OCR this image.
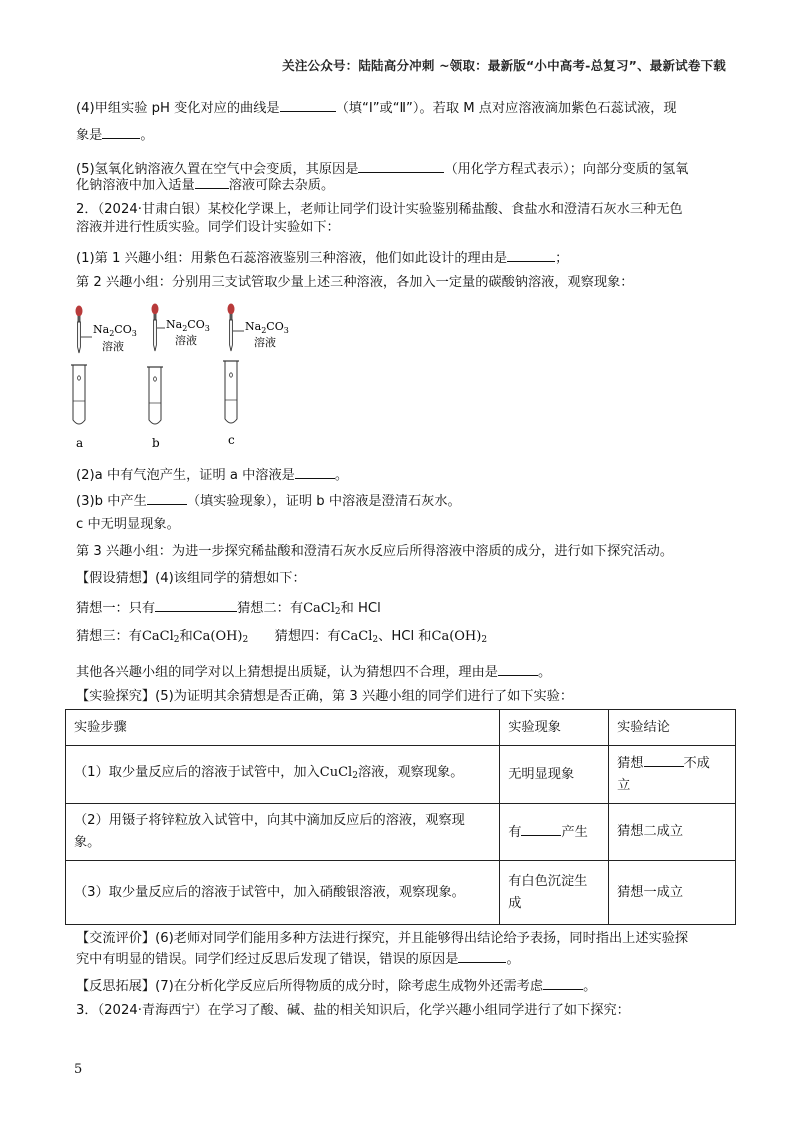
关注公众号：陆陆高分冲刺 ~领取：最新版“小中高考-总复习”、最新试卷下载
(4)甲组实验 pH 变化对应的曲线是	（填“I”或“Ⅱ”）。若取 M 点对应溶液滴加紫色石蕊试液，现
象是	。
(5)氢氧化钠溶液久置在空气中会变质，其原因是	（用化学方程式表示）；向部分变质的氢氧
化钠溶液中加入适量	溶液可除去杂质。
2．（2024·甘肃白银）某校化学课上，老师让同学们设计实验鉴别稀盐酸、食盐水和澄清石灰水三种无色
溶液并进行性质实验。同学们设计实验如下：
(1)第 1 兴趣小组：用紫色石蕊溶液鉴别三种溶液，他们如此设计的理由是	；
第 2 兴趣小组：分别用三支试管取少量上述三种溶液，各加入一定量的碳酸钠溶液，观察现象：
$Na_2CO_3$
溶液
a
$Na_2CO_3$
溶液
b
$Na_2CO_3$
溶液
c
(2)a 中有气泡产生，证明 a 中溶液是	。
(3)b 中产生	（填实验现象），证明 b 中溶液是澄清石灰水。
c 中无明显现象。
第 3 兴趣小组：为进一步探究稀盐酸和澄清石灰水反应后所得溶液中溶质的成分，进行如下探究活动。
【假设猜想】(4)该组同学的猜想如下：
猜想一：只有	猜想二：有CaCl$_2$和 HCl
猜想三：有CaCl$_2$和$Ca(OH)_2$ 猜想四：有CaCl$_2$、HCl 和$Ca(OH)_2$
其他各兴趣小组的同学对以上猜想提出质疑，认为猜想四不合理，理由是	。
【实验探究】(5)为证明其余猜想是否正确，第 3 兴趣小组的同学们进行了如下实验：
实验步骤	实验现象	实验结论
（1）取少量反应后的溶液于试管中，加入CuCl$_2$溶液，观察现象。	无明显现象	猜想 不成
立
（2）用镊子将锌粒放入试管中，向其中滴加反应后的溶液，观察现
象。	有 产生	猜想二成立
（3）取少量反应后的溶液于试管中，加入硝酸银溶液，观察现象。	有白色沉淀生
成	猜想一成立
【交流评价】(6)老师对同学们能用多种方法进行探究，并且能够得出结论给予表扬，同时指出上述实验探
究中有明显的错误。同学们经过反思后发现了错误，错误的原因是	。
【反思拓展】(7)在分析化学反应后所得物质的成分时，除考虑生成物外还需考虑	。
3．（2024·青海西宁）在学习了酸、碱、盐的相关知识后，化学兴趣小组同学进行了如下探究：
5
